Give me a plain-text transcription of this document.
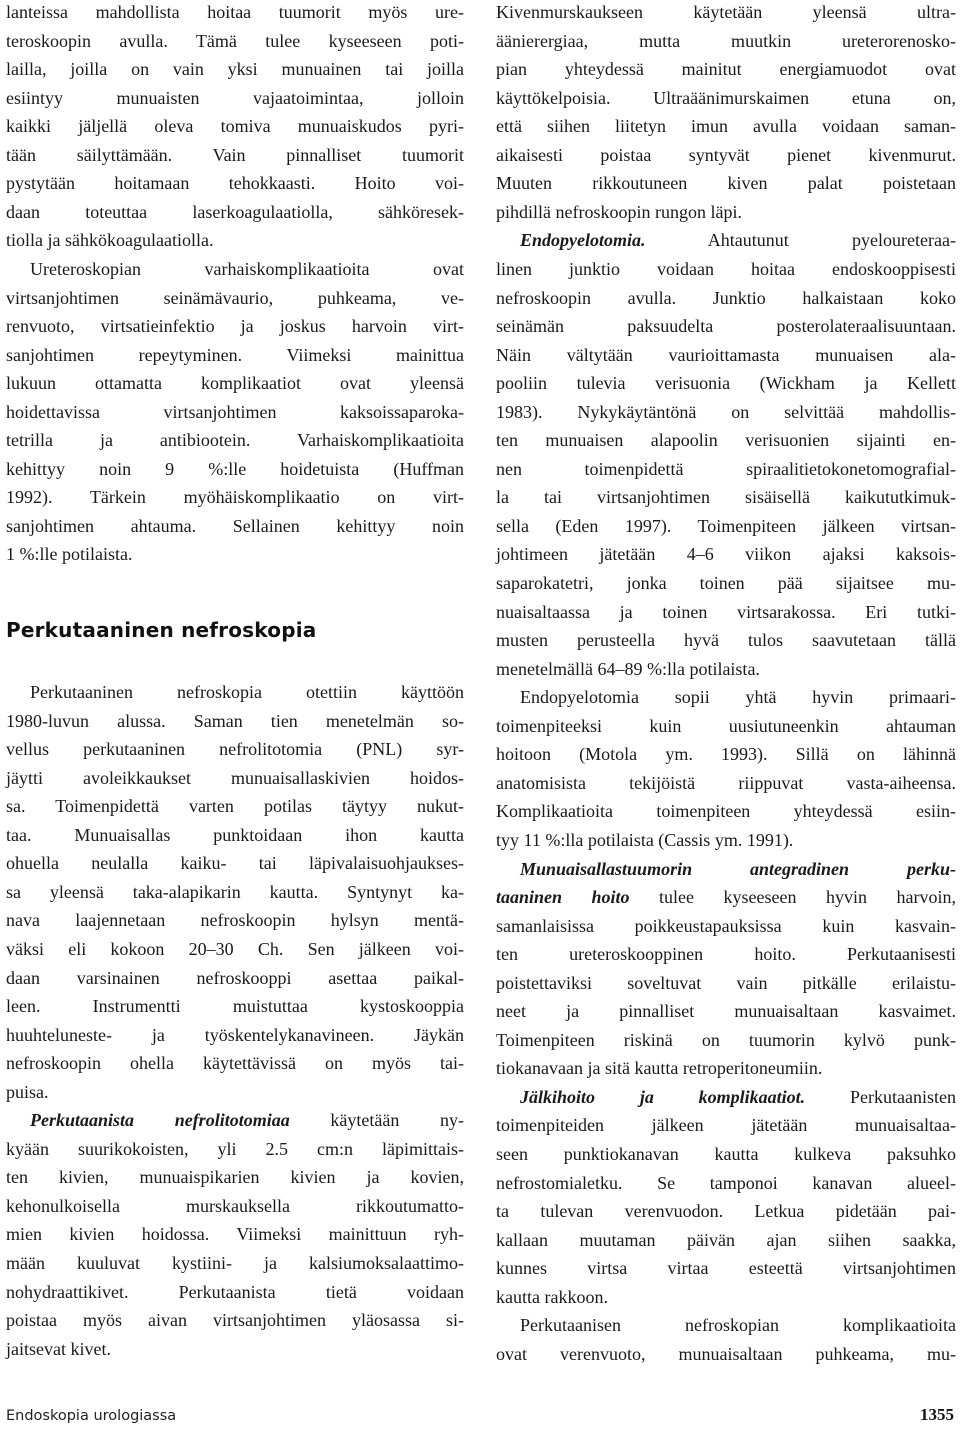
lanteissa mahdollista hoitaa tuumorit myös ure-
teroskoopin avulla. Tämä tulee kyseeseen poti-
lailla, joilla on vain yksi munuainen tai joilla
esiintyy munuaisten vajaatoimintaa, jolloin
kaikki jäljellä oleva tomiva munuaiskudos pyri-
tään säilyttämään. Vain pinnalliset tuumorit
pystytään hoitamaan tehokkaasti. Hoito voi-
daan toteuttaa laserkoagulaatiolla, sähköresek-
tiolla ja sähkökoagulaatiolla.
Ureteroskopian varhaiskomplikaatioita ovat
virtsanjohtimen seinämävaurio, puhkeama, ve-
renvuoto, virtsatieinfektio ja joskus harvoin virt-
sanjohtimen repeytyminen. Viimeksi mainittua
lukuun ottamatta komplikaatiot ovat yleensä
hoidettavissa virtsanjohtimen kaksoissaparoka-
tetrilla ja antibiootein. Varhaiskomplikaatioita
kehittyy noin 9 %:lle hoidetuista (Huffman
1992). Tärkein myöhäiskomplikaatio on virt-
sanjohtimen ahtauma. Sellainen kehittyy noin
1 %:lle potilaista.
Perkutaaninen nefroskopia otettiin käyttöön
1980-luvun alussa. Saman tien menetelmän so-
vellus perkutaaninen nefrolitotomia (PNL) syr-
jäytti avoleikkaukset munuaisallaskivien hoidos-
sa. Toimenpidettä varten potilas täytyy nukut-
taa. Munuaisallas punktoidaan ihon kautta
ohuella neulalla kaiku- tai läpivalaisuohjaukses-
sa yleensä taka-alapikarin kautta. Syntynyt ka-
nava laajennetaan nefroskoopin hylsyn mentä-
väksi eli kokoon 20–30 Ch. Sen jälkeen voi-
daan varsinainen nefroskooppi asettaa paikal-
leen. Instrumentti muistuttaa kystoskooppia
huuhteluneste- ja työskentelykanavineen. Jäykän
nefroskoopin ohella käytettävissä on myös tai-
puisa.
Perkutaanista nefrolitotomiaa käytetään ny-
kyään suurikokoisten, yli 2.5 cm:n läpimittais-
ten kivien, munuaispikarien kivien ja kovien,
kehonulkoisella murskauksella rikkoutumatto-
mien kivien hoidossa. Viimeksi mainittuun ryh-
mään kuuluvat kystiini- ja kalsiumoksalaattimo-
nohydraattikivet. Perkutaanista tietä voidaan
poistaa myös aivan virtsanjohtimen yläosassa si-
jaitsevat kivet.
Perkutaaninen nefroskopia
Kivenmurskaukseen käytetään yleensä ultra-
äänierergiaa, mutta muutkin ureterorenosko-
pian yhteydessä mainitut energiamuodot ovat
käyttökelpoisia. Ultraäänimurskaimen etuna on,
että siihen liitetyn imun avulla voidaan saman-
aikaisesti poistaa syntyvät pienet kivenmurut.
Muuten rikkoutuneen kiven palat poistetaan
pihdillä nefroskoopin rungon läpi.
Endopyelotomia. Ahtautunut pyeloureteraa-
linen junktio voidaan hoitaa endoskooppisesti
nefroskoopin avulla. Junktio halkaistaan koko
seinämän paksuudelta posterolateraalisuuntaan.
Näin vältytään vaurioittamasta munuaisen ala-
pooliin tulevia verisuonia (Wickham ja Kellett
1983). Nykykäytäntönä on selvittää mahdollis-
ten munuaisen alapoolin verisuonien sijainti en-
nen toimenpidettä spiraalitietokonetomografial-
la tai virtsanjohtimen sisäisellä kaikututkimuk-
sella (Eden 1997). Toimenpiteen jälkeen virtsan-
johtimeen jätetään 4–6 viikon ajaksi kaksois-
saparokatetri, jonka toinen pää sijaitsee mu-
nuaisaltaassa ja toinen virtsarakossa. Eri tutki-
musten perusteella hyvä tulos saavutetaan tällä
menetelmällä 64–89 %:lla potilaista.
Endopyelotomia sopii yhtä hyvin primaari-
toimenpiteeksi kuin uusiutuneenkin ahtauman
hoitoon (Motola ym. 1993). Sillä on lähinnä
anatomisista tekijöistä riippuvat vasta-aiheensa.
Komplikaatioita toimenpiteen yhteydessä esiin-
tyy 11 %:lla potilaista (Cassis ym. 1991).
Munuaisallastuumorin antegradinen perku-
taaninen hoito tulee kyseeseen hyvin harvoin,
samanlaisissa poikkeustapauksissa kuin kasvain-
ten ureteroskooppinen hoito. Perkutaanisesti
poistettaviksi soveltuvat vain pitkälle erilaistu-
neet ja pinnalliset munuaisaltaan kasvaimet.
Toimenpiteen riskinä on tuumorin kylvö punk-
tiokanavaan ja sitä kautta retroperitoneumiin.
Jälkihoito ja komplikaatiot. Perkutaanisten
toimenpiteiden jälkeen jätetään munuaisaltaa-
seen punktiokanavan kautta kulkeva paksuhko
nefrostomialetku. Se tamponoi kanavan alueel-
ta tulevan verenvuodon. Letkua pidetään pai-
kallaan muutaman päivän ajan siihen saakka,
kunnes virtsa virtaa esteettä virtsanjohtimen
kautta rakkoon.
Perkutaanisen nefroskopian komplikaatioita
ovat verenvuoto, munuaisaltaan puhkeama, mu-
Endoskopia urologiassa	1355
